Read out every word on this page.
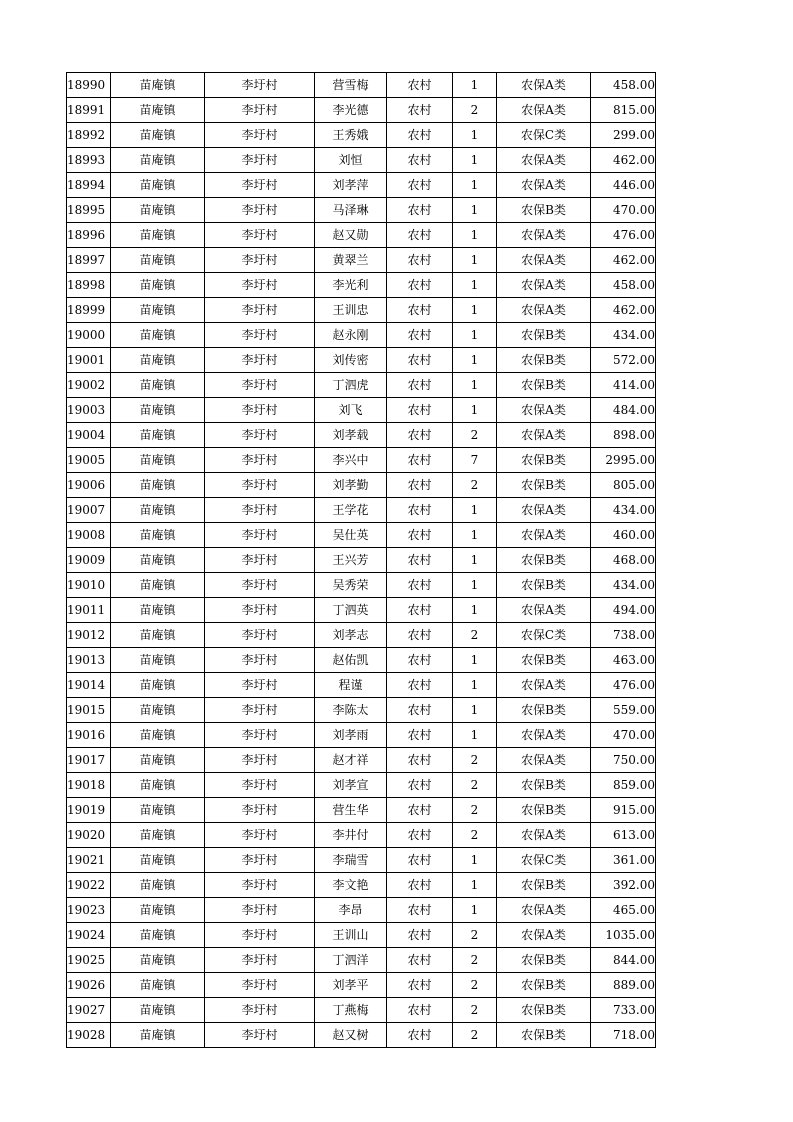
18990	苗庵镇	李圩村	营雪梅	农村	1	农保A类	458.00
18991	苗庵镇	李圩村	李光德	农村	2	农保A类	815.00
18992	苗庵镇	李圩村	王秀娥	农村	1	农保C类	299.00
18993	苗庵镇	李圩村	刘恒	农村	1	农保A类	462.00
18994	苗庵镇	李圩村	刘孝萍	农村	1	农保A类	446.00
18995	苗庵镇	李圩村	马泽琳	农村	1	农保B类	470.00
18996	苗庵镇	李圩村	赵又勋	农村	1	农保A类	476.00
18997	苗庵镇	李圩村	黄翠兰	农村	1	农保A类	462.00
18998	苗庵镇	李圩村	李光利	农村	1	农保A类	458.00
18999	苗庵镇	李圩村	王训忠	农村	1	农保A类	462.00
19000	苗庵镇	李圩村	赵永刚	农村	1	农保B类	434.00
19001	苗庵镇	李圩村	刘传密	农村	1	农保B类	572.00
19002	苗庵镇	李圩村	丁泗虎	农村	1	农保B类	414.00
19003	苗庵镇	李圩村	刘飞	农村	1	农保A类	484.00
19004	苗庵镇	李圩村	刘孝载	农村	2	农保A类	898.00
19005	苗庵镇	李圩村	李兴中	农村	7	农保B类	2995.00
19006	苗庵镇	李圩村	刘孝勤	农村	2	农保B类	805.00
19007	苗庵镇	李圩村	王学花	农村	1	农保A类	434.00
19008	苗庵镇	李圩村	吴仕英	农村	1	农保A类	460.00
19009	苗庵镇	李圩村	王兴芳	农村	1	农保B类	468.00
19010	苗庵镇	李圩村	吴秀荣	农村	1	农保B类	434.00
19011	苗庵镇	李圩村	丁泗英	农村	1	农保A类	494.00
19012	苗庵镇	李圩村	刘孝志	农村	2	农保C类	738.00
19013	苗庵镇	李圩村	赵佑凯	农村	1	农保B类	463.00
19014	苗庵镇	李圩村	程谨	农村	1	农保A类	476.00
19015	苗庵镇	李圩村	李陈太	农村	1	农保B类	559.00
19016	苗庵镇	李圩村	刘孝雨	农村	1	农保A类	470.00
19017	苗庵镇	李圩村	赵才祥	农村	2	农保A类	750.00
19018	苗庵镇	李圩村	刘孝宣	农村	2	农保B类	859.00
19019	苗庵镇	李圩村	营生华	农村	2	农保B类	915.00
19020	苗庵镇	李圩村	李井付	农村	2	农保A类	613.00
19021	苗庵镇	李圩村	李瑞雪	农村	1	农保C类	361.00
19022	苗庵镇	李圩村	李文艳	农村	1	农保B类	392.00
19023	苗庵镇	李圩村	李昂	农村	1	农保A类	465.00
19024	苗庵镇	李圩村	王训山	农村	2	农保A类	1035.00
19025	苗庵镇	李圩村	丁泗洋	农村	2	农保B类	844.00
19026	苗庵镇	李圩村	刘孝平	农村	2	农保B类	889.00
19027	苗庵镇	李圩村	丁燕梅	农村	2	农保B类	733.00
19028	苗庵镇	李圩村	赵又树	农村	2	农保B类	718.00
